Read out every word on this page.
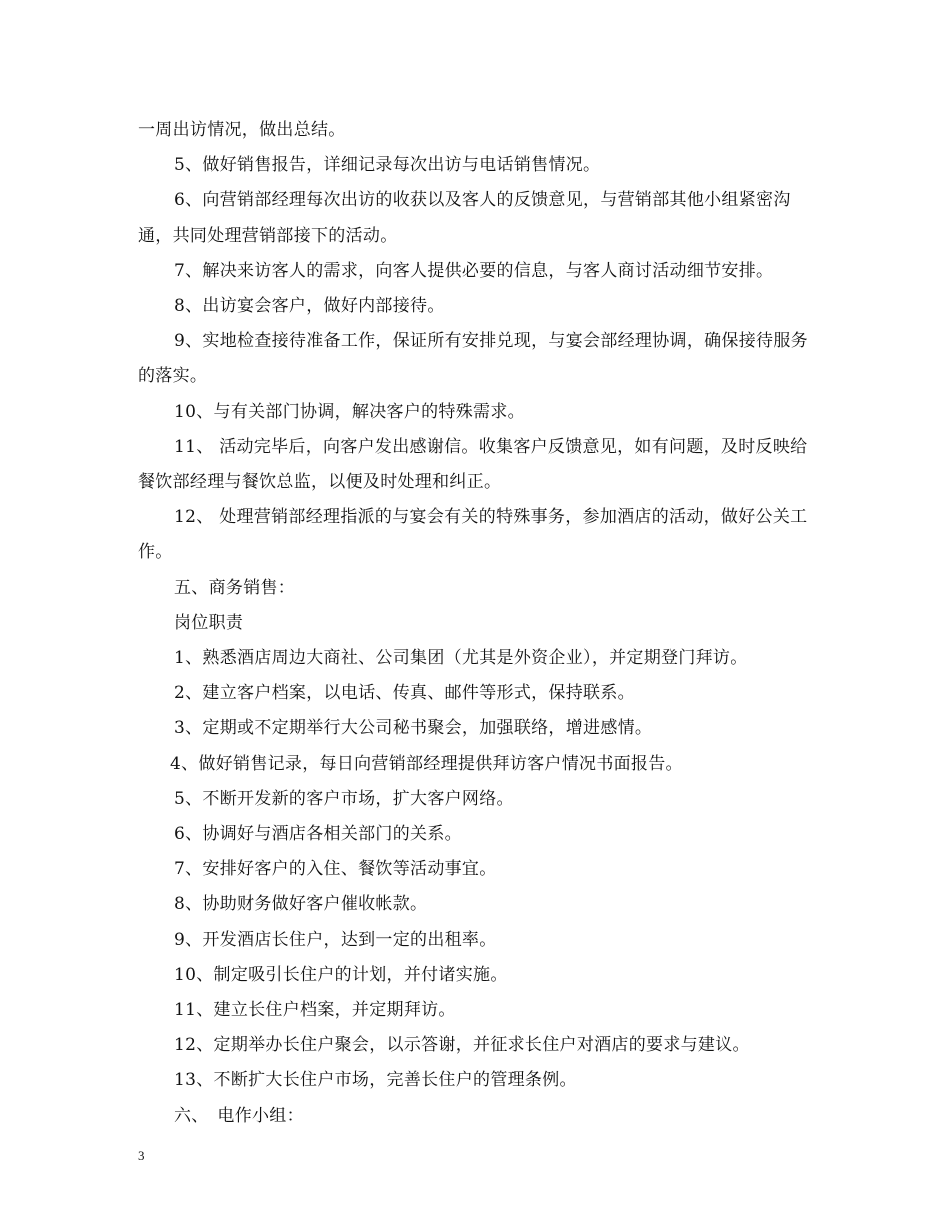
一周出访情况，做出总结。

5、做好销售报告，详细记录每次出访与电话销售情况。

6、向营销部经理每次出访的收获以及客人的反馈意见，与营销部其他小组紧密沟通，共同处理营销部接下的活动。

7、解决来访客人的需求，向客人提供必要的信息，与客人商讨活动细节安排。

8、出访宴会客户，做好内部接待。

9、实地检查接待准备工作，保证所有安排兑现，与宴会部经理协调，确保接待服务的落实。

10、与有关部门协调，解决客户的特殊需求。

11、 活动完毕后，向客户发出感谢信。收集客户反馈意见，如有问题，及时反映给餐饮部经理与餐饮总监，以便及时处理和纠正。

12、 处理营销部经理指派的与宴会有关的特殊事务，参加酒店的活动，做好公关工作。

五、商务销售：

岗位职责

1、熟悉酒店周边大商社、公司集团（尤其是外资企业），并定期登门拜访。

2、建立客户档案，以电话、传真、邮件等形式，保持联系。

3、定期或不定期举行大公司秘书聚会，加强联络，增进感情。

4、做好销售记录，每日向营销部经理提供拜访客户情况书面报告。

5、不断开发新的客户市场，扩大客户网络。

6、协调好与酒店各相关部门的关系。

7、安排好客户的入住、餐饮等活动事宜。

8、协助财务做好客户催收帐款。

9、开发酒店长住户，达到一定的出租率。

10、制定吸引长住户的计划，并付诸实施。

11、建立长住户档案，并定期拜访。

12、定期举办长住户聚会，以示答谢，并征求长住户对酒店的要求与建议。

13、不断扩大长住户市场，完善长住户的管理条例。

六、　电作小组：

3
